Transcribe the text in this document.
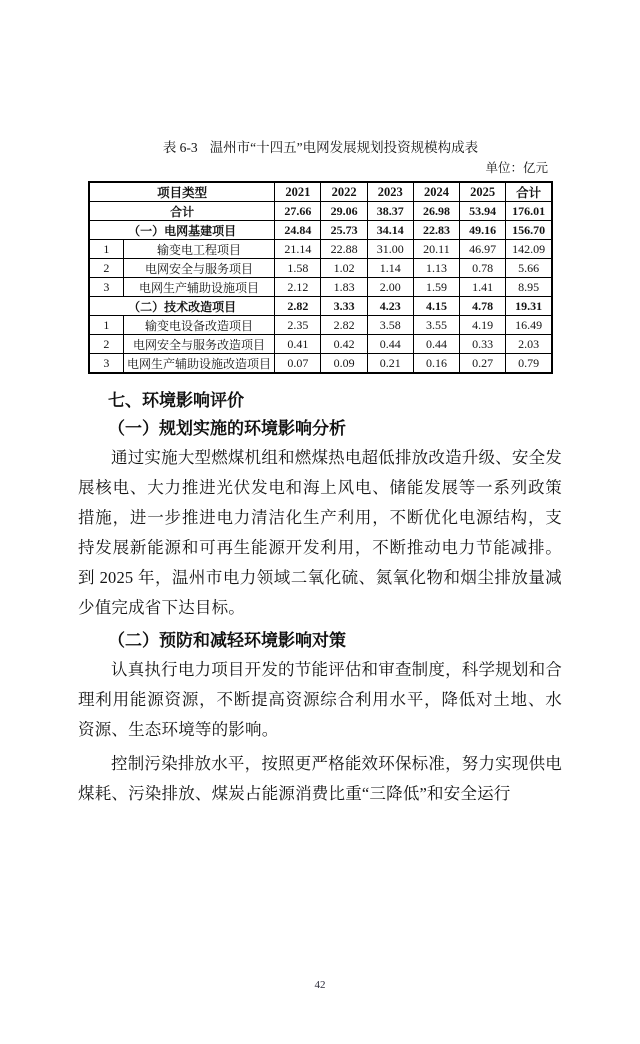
表 6-3 温州市“十四五”电网发展规划投资规模构成表
单位：亿元
项目类型		2021	2022	2023	2024	2025	合计
合计		27.66	29.06	38.37	26.98	53.94	176.01
（一）电网基建项目		24.84	25.73	34.14	22.83	49.16	156.70
1	输变电工程项目	21.14	22.88	31.00	20.11	46.97	142.09
2	电网安全与服务项目	1.58	1.02	1.14	1.13	0.78	5.66
3	电网生产辅助设施项目	2.12	1.83	2.00	1.59	1.41	8.95
（二）技术改造项目		2.82	3.33	4.23	4.15	4.78	19.31
1	输变电设备改造项目	2.35	2.82	3.58	3.55	4.19	16.49
2	电网安全与服务改造项目	0.41	0.42	0.44	0.44	0.33	2.03
3	电网生产辅助设施改造项目	0.07	0.09	0.21	0.16	0.27	0.79
七、环境影响评价
（一）规划实施的环境影响分析

通过实施大型燃煤机组和燃煤热电超低排放改造升级、安全发展核电、大力推进光伏发电和海上风电、储能发展等一系列政策措施，进一步推进电力清洁化生产利用，不断优化电源结构，支持发展新能源和可再生能源开发利用，不断推动电力节能减排。到 2025 年，温州市电力领域二氧化硫、氮氧化物和烟尘排放量减少值完成省下达目标。

（二）预防和减轻环境影响对策

认真执行电力项目开发的节能评估和审查制度，科学规划和合理利用能源资源，不断提高资源综合利用水平，降低对土地、水资源、生态环境等的影响。

控制污染排放水平，按照更严格能效环保标准，努力实现供电煤耗、污染排放、煤炭占能源消费比重“三降低”和安全运行

42
